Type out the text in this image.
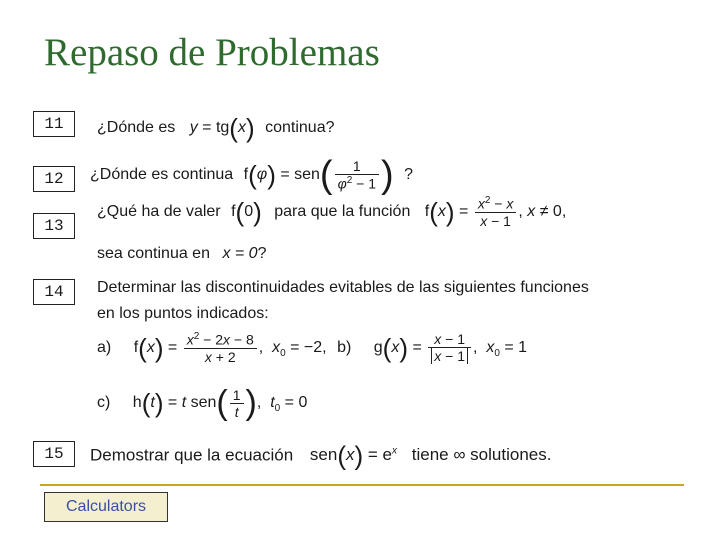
Repaso de Problemas
11	¿Dónde es y = tg(x) continua?
12	¿Dónde es continua $f(\varphi) = sen( \frac{1}{\varphi^2 - 1}$ ) ?
13
¿Qué ha de valer f(0) para que la función $f(x) = \frac{x^2 - x}{x - 1}$ , x ≠ 0,
sea continua en x = 0?
14	Determinar las discontinuidades evitables de las siguientes funciones
en los puntos indicados:
a) $f(x) = \frac{x^2 - 2x - 8}{x + 2}$ ,  $x_0 = -2$, b) $g(x) = \frac{x - 1}{x - 1}$ ,  $x_0 = 1$
c) h(t) = t $sen( \frac{1}{t}$ ),  $t_0 = 0$
15	Demostrar que la ecuación $sen(x) = e^x$ tiene ∞ solutiones.
Calculators
